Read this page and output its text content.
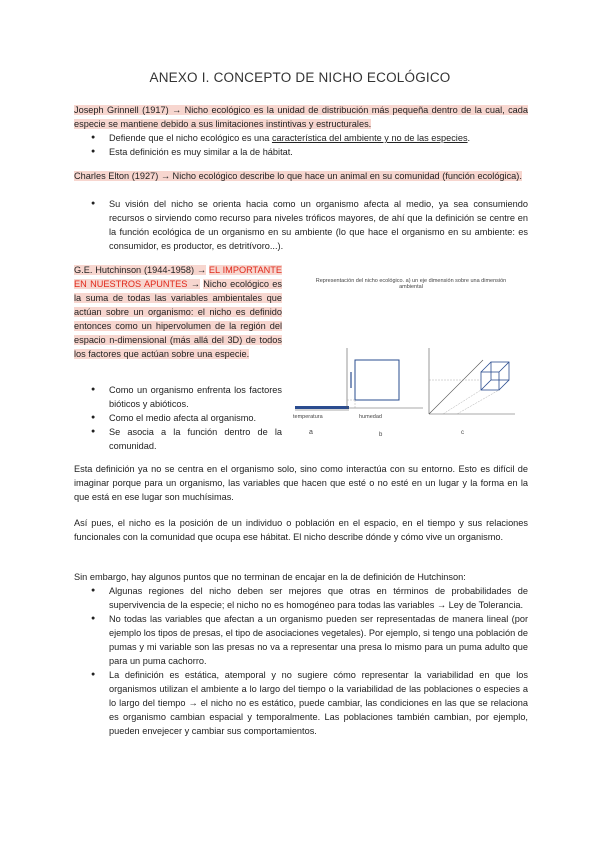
ANEXO I. CONCEPTO DE NICHO ECOLÓGICO
Joseph Grinnell (1917) → Nicho ecológico es la unidad de distribución más pequeña dentro de la cual, cada especie se mantiene debido a sus limitaciones instintivas y estructurales.
● Defiende que el nicho ecológico es una característica del ambiente y no de las especies.
● Esta definición es muy similar a la de hábitat.
Charles Elton (1927) → Nicho ecológico describe lo que hace un animal en su comunidad (función ecológica).
● Su visión del nicho se orienta hacia como un organismo afecta al medio, ya sea consumiendo recursos o sirviendo como recurso para niveles tróficos mayores, de ahí que la definición se centre en la función ecológica de un organismo en su ambiente (lo que hace el organismo en su ambiente: es consumidor, es productor, es detritívoro...).
G.E. Hutchinson (1944-1958) → EL IMPORTANTE EN NUESTROS APUNTES → Nicho ecológico es la suma de todas las variables ambientales que actúan sobre un organismo: el nicho es definido entonces como un hipervolumen de la región del espacio n-dimensional (más allá del 3D) de todos los factores que actúan sobre una especie.
● Como un organismo enfrenta los factores bióticos y abióticos.
● Como el medio afecta al organismo.
● Se asocia a la función dentro de la comunidad.
Representación del nicho ecológico. a) un eje dimensión sobre una dimensión ambiental
temperatura	humedad
a	b	c
Esta definición ya no se centra en el organismo solo, sino como interactúa con su entorno. Esto es difícil de imaginar porque para un organismo, las variables que hacen que esté o no esté en un lugar y la forma en la que está en ese lugar son muchísimas.
Así pues, el nicho es la posición de un individuo o población en el espacio, en el tiempo y sus relaciones funcionales con la comunidad que ocupa ese hábitat. El nicho describe dónde y cómo vive un organismo.
Sin embargo, hay algunos puntos que no terminan de encajar en la de definición de Hutchinson:
● Algunas regiones del nicho deben ser mejores que otras en términos de probabilidades de supervivencia de la especie; el nicho no es homogéneo para todas las variables → Ley de Tolerancia.
● No todas las variables que afectan a un organismo pueden ser representadas de manera lineal (por ejemplo los tipos de presas, el tipo de asociaciones vegetales). Por ejemplo, si tengo una población de pumas y mi variable son las presas no va a representar una presa lo mismo para un puma adulto que para un puma cachorro.
● La definición es estática, atemporal y no sugiere cómo representar la variabilidad en que los organismos utilizan el ambiente a lo largo del tiempo o la variabilidad de las poblaciones o especies a lo largo del tiempo → el nicho no es estático, puede cambiar, las condiciones en las que se relaciona es organismo cambian espacial y temporalmente. Las poblaciones también cambian, por ejemplo, pueden envejecer y cambiar sus comportamientos.
